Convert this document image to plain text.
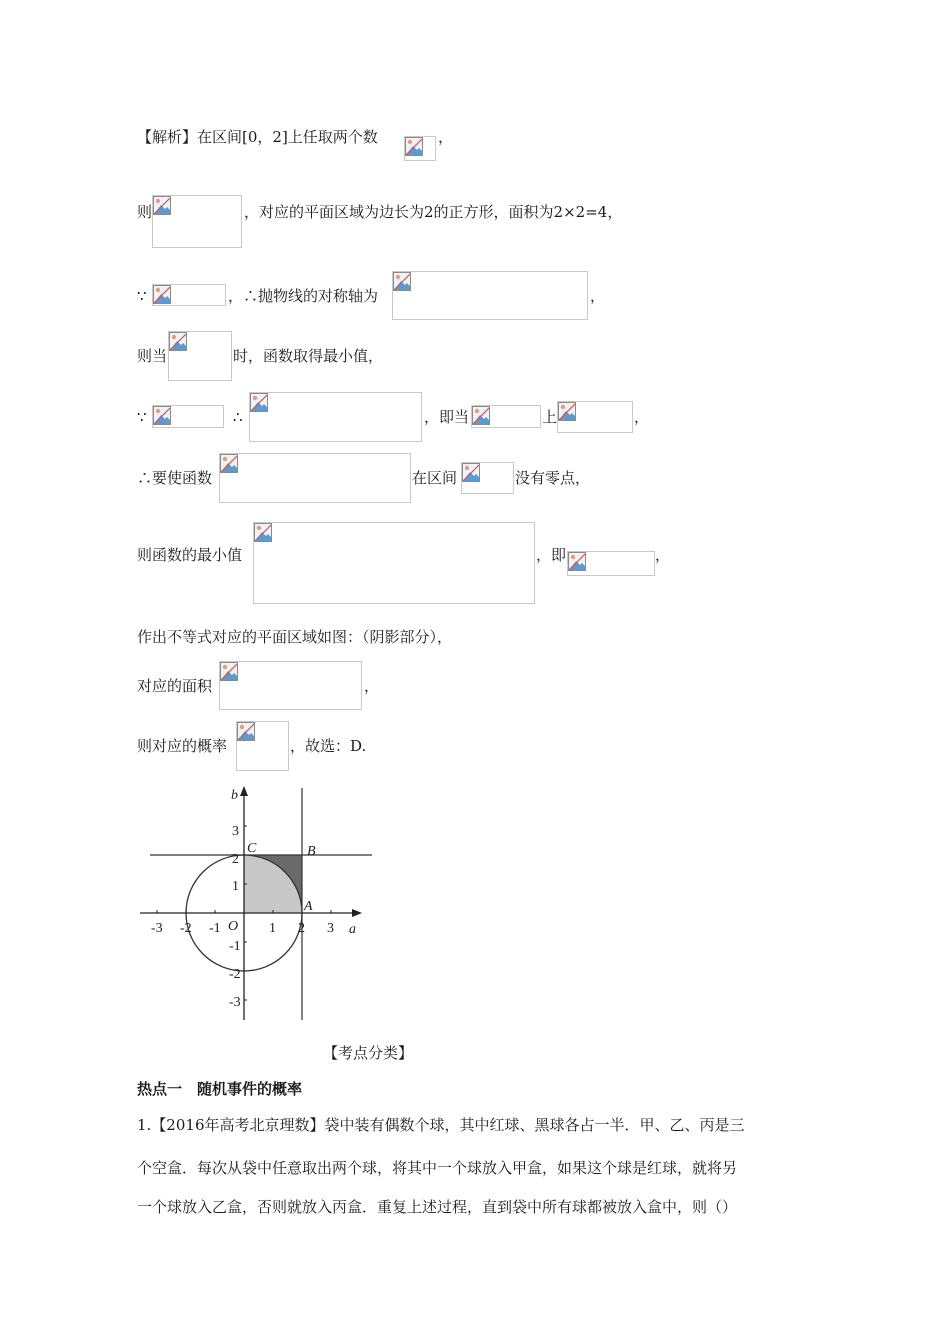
【解析】在区间[0，2]上任取两个数	，
则	，对应的平面区域为边长为2的正方形，面积为2×2=4，
∵	，∴抛物线的对称轴为	，
则当	时，函数取得最小值，
∵	∴	，即当	上	，
∴要使函数	在区间	没有零点，
则函数的最小值	，即	，
作出不等式对应的平面区域如图：（阴影部分），
对应的面积	，
则对应的概率	，故选：D.
-3 -2 -1	1 2 3
3
2
1
-1
-2
-3
a
b
O
C	B
A
【考点分类】
热点一　随机事件的概率
1.【2016年高考北京理数】袋中装有偶数个球，其中红球、黑球各占一半．甲、乙、丙是三
个空盒．每次从袋中任意取出两个球，将其中一个球放入甲盒，如果这个球是红球，就将另
一个球放入乙盒，否则就放入丙盒．重复上述过程，直到袋中所有球都被放入盒中，则（）
